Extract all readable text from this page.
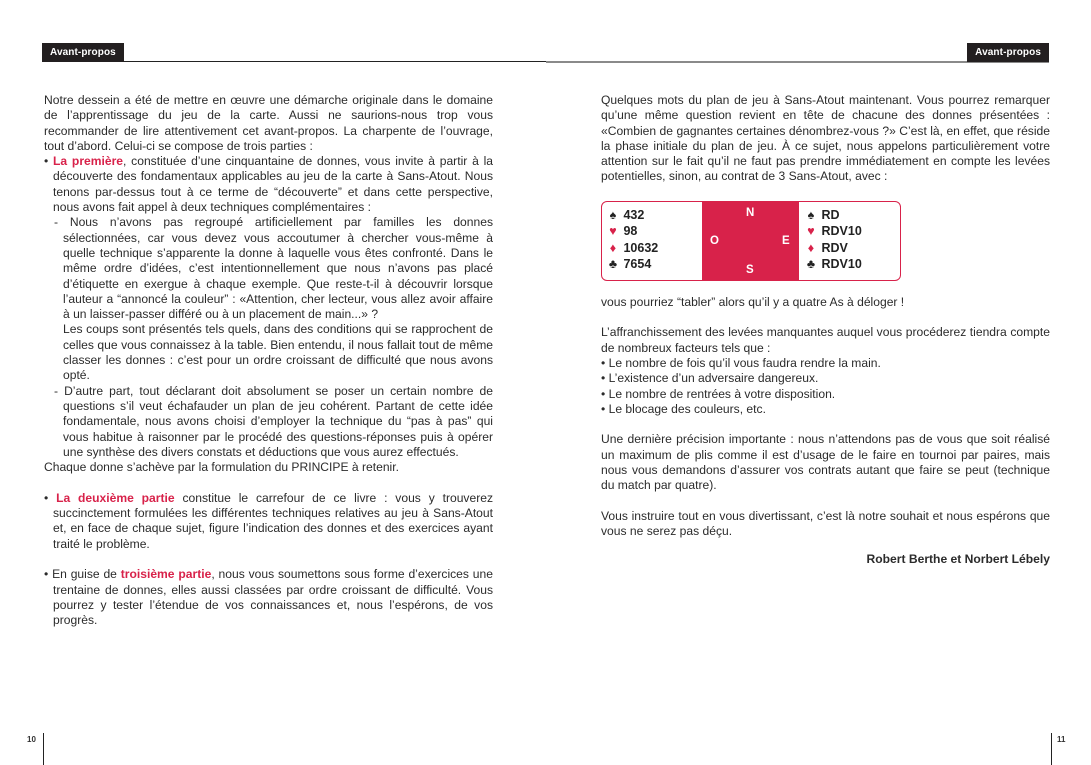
Avant-propos

Notre dessein a été de mettre en œuvre une démarche originale dans le domaine de l’apprentissage du jeu de la carte. Aussi ne saurions-nous trop vous recommander de lire attentivement cet avant-propos. La charpente de l’ouvrage, tout d’abord. Celui-ci se compose de trois parties :

• La première, constituée d’une cinquantaine de donnes, vous invite à partir à la découverte des fondamentaux applicables au jeu de la carte à Sans-Atout. Nous tenons par-dessus tout à ce terme de “découverte” et dans cette perspective, nous avons fait appel à deux techniques complémentaires :

- Nous n’avons pas regroupé artificiellement par familles les donnes sélectionnées, car vous devez vous accoutumer à chercher vous-même à quelle technique s’apparente la donne à laquelle vous êtes confronté. Dans le même ordre d’idées, c’est intentionnellement que nous n’avons pas placé d’étiquette en exergue à chaque exemple. Que reste-t-il à découvrir lorsque l’auteur a “annoncé la couleur” : «Attention, cher lecteur, vous allez avoir affaire à un laisser-passer différé ou à un placement de main...» ?

Les coups sont présentés tels quels, dans des conditions qui se rapprochent de celles que vous connaissez à la table. Bien entendu, il nous fallait tout de même classer les donnes : c’est pour un ordre croissant de difficulté que nous avons opté.

- D’autre part, tout déclarant doit absolument se poser un certain nombre de questions s’il veut échafauder un plan de jeu cohérent. Partant de cette idée fondamentale, nous avons choisi d’employer la technique du “pas à pas” qui vous habitue à raisonner par le procédé des questions-réponses puis à opérer une synthèse des divers constats et déductions que vous aurez effectués.

Chaque donne s’achève par la formulation du PRINCIPE à retenir.

• La deuxième partie constitue le carrefour de ce livre : vous y trouverez succinctement formulées les différentes techniques relatives au jeu à Sans-Atout et, en face de chaque sujet, figure l’indication des donnes et des exercices ayant traité le problème.

• En guise de troisième partie, nous vous soumettons sous forme d’exercices une trentaine de donnes, elles aussi classées par ordre croissant de difficulté. Vous pourrez y tester l’étendue de vos connaissances et, nous l’espérons, de vos progrès.

10
Avant-propos

Quelques mots du plan de jeu à Sans-Atout maintenant. Vous pourrez remarquer qu’une même question revient en tête de chacune des donnes présentées : «Combien de gagnantes certaines dénombrez-vous ?» C’est là, en effet, que réside la phase initiale du plan de jeu. À ce sujet, nous appelons particulièrement votre attention sur le fait qu’il ne faut pas prendre immédiatement en compte les levées potentielles, sinon, au contrat de 3 Sans-Atout, avec :

♠ 432
♥ 98
♦ 10632
♣ 7654
N
O	E
S
♠ RD
♥ RDV10
♦ RDV
♣ RDV10

vous pourriez “tabler” alors qu’il y a quatre As à déloger !

L’affranchissement des levées manquantes auquel vous procéderez tiendra compte de nombreux facteurs tels que :

• Le nombre de fois qu’il vous faudra rendre la main.

• L’existence d’un adversaire dangereux.

• Le nombre de rentrées à votre disposition.

• Le blocage des couleurs, etc.

Une dernière précision importante : nous n’attendons pas de vous que soit réalisé un maximum de plis comme il est d’usage de le faire en tournoi par paires, mais nous vous demandons d’assurer vos contrats autant que faire se peut (technique du match par quatre).

Vous instruire tout en vous divertissant, c’est là notre souhait et nous espérons que vous ne serez pas déçu.

Robert Berthe et Norbert Lébely

11
